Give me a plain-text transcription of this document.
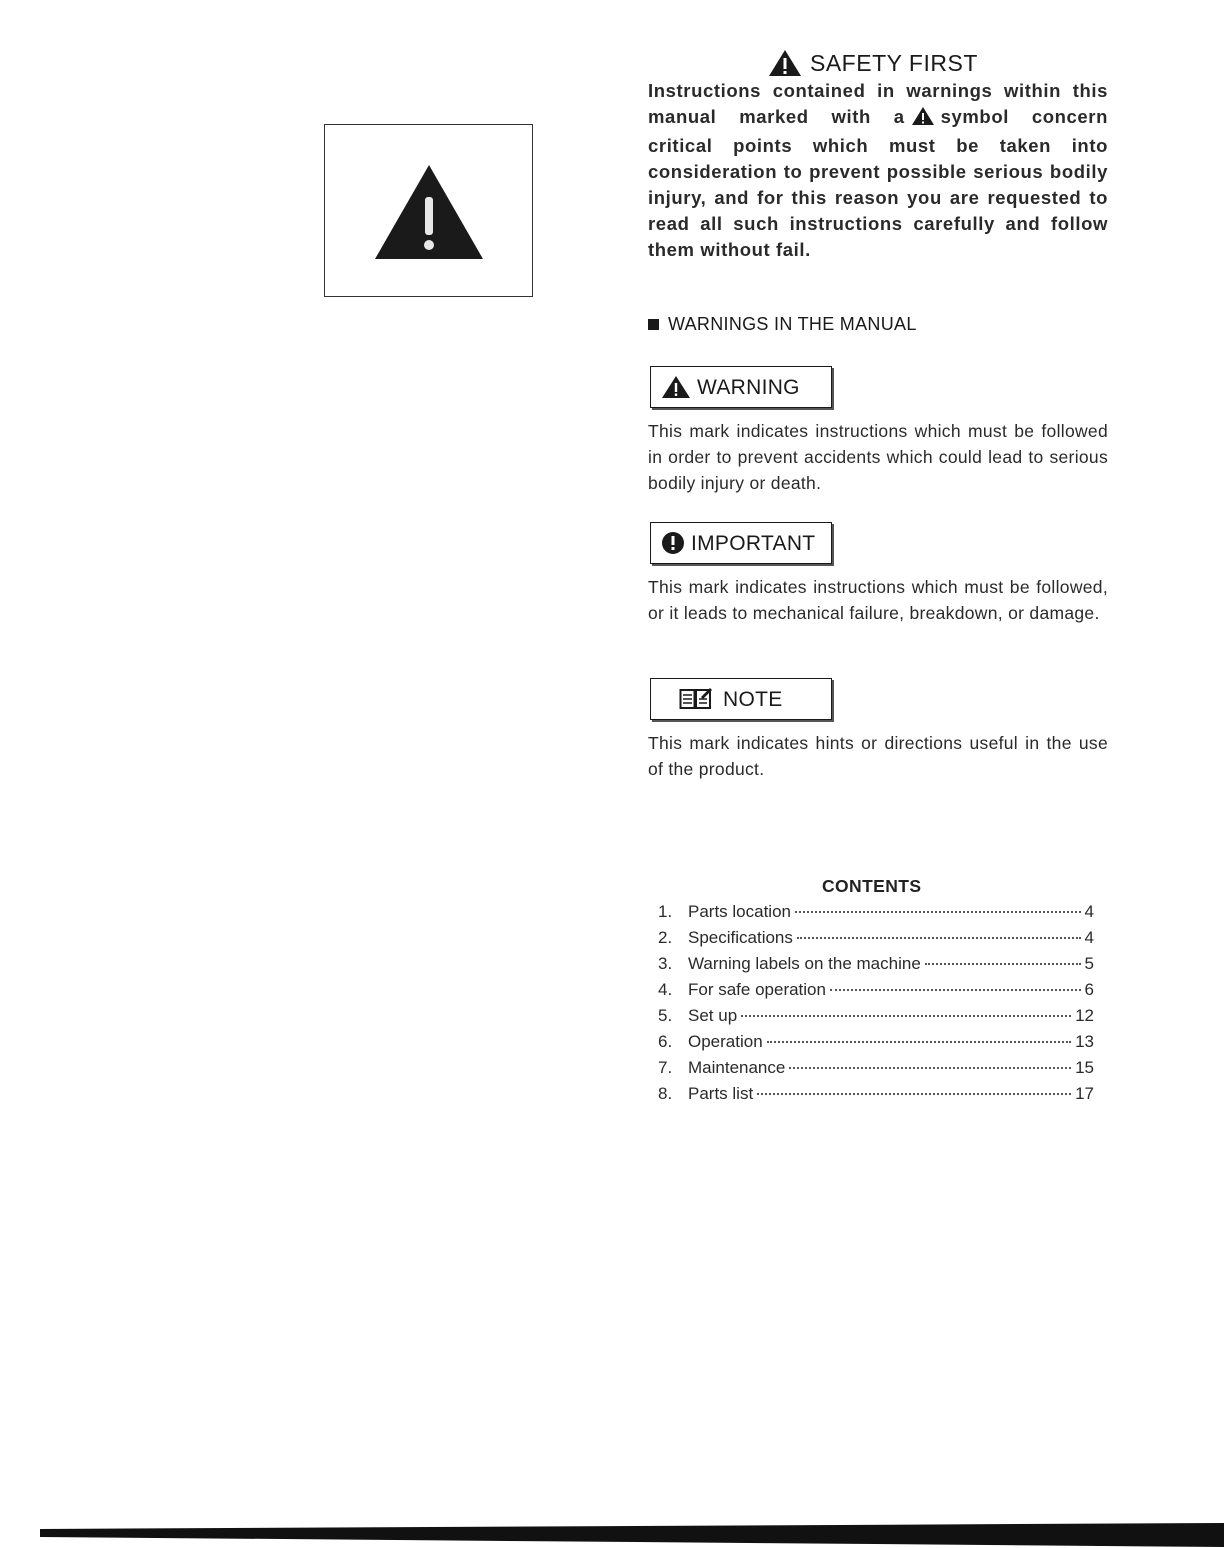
SAFETY FIRST

Instructions contained in warnings within this manual marked with a symbol concern critical points which must be taken into consideration to prevent possible serious bodily injury, and for this reason you are requested to read all such instructions carefully and follow them without fail.

WARNINGS IN THE MANUAL
WARNING

This mark indicates instructions which must be followed in order to prevent accidents which could lead to serious bodily injury or death.

IMPORTANT

This mark indicates instructions which must be followed, or it leads to mechanical failure, breakdown, or damage.

NOTE

This mark indicates hints or directions useful in the use of the product.

CONTENTS
1. Parts location	4
2. Specifications	4
3. Warning labels on the machine	5
4. For safe operation	6
5. Set up	12
6. Operation	13
7. Maintenance	15
8. Parts list	17
